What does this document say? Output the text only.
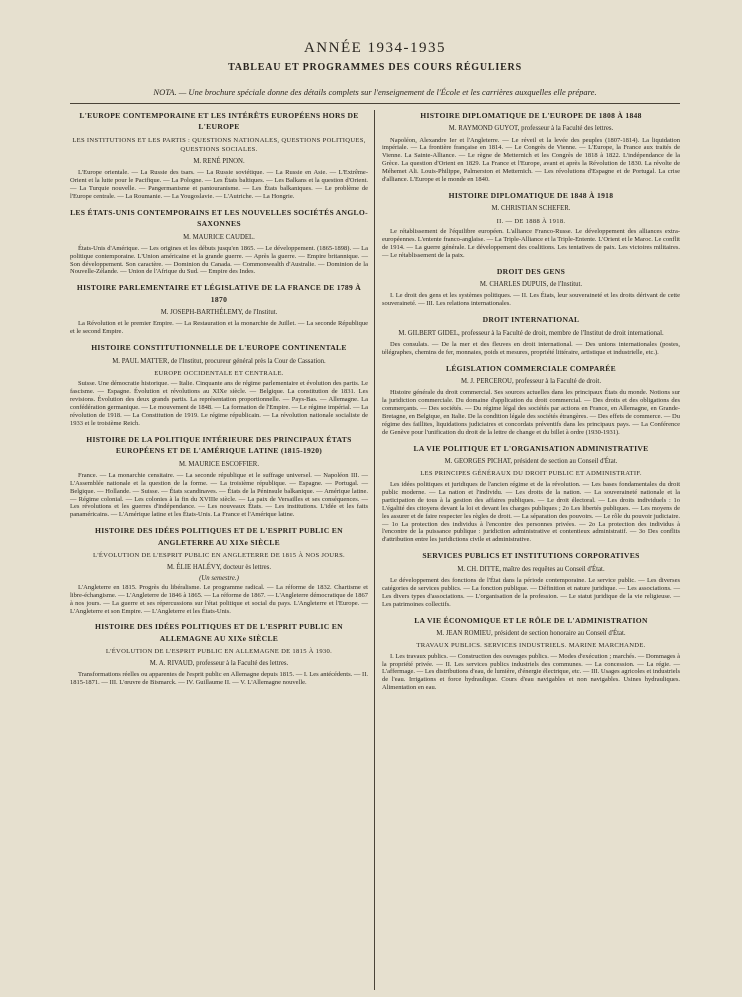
ANNÉE 1934-1935
TABLEAU ET PROGRAMMES DES COURS RÉGULIERS
NOTA. — Une brochure spéciale donne des détails complets sur l'enseignement de l'École et les carrières auxquelles elle prépare.
L'EUROPE CONTEMPORAINE ET LES INTÉRÊTS EUROPÉENS HORS DE L'EUROPE
LES INSTITUTIONS ET LES PARTIS : QUESTIONS NATIONALES, QUESTIONS POLITIQUES, QUESTIONS SOCIALES.
M. RENÉ PINON.
L'Europe orientale. — La Russie des tsars. — La Russie soviétique. — La Russie en Asie. — L'Extrême-Orient et la lutte pour le Pacifique. — La Pologne. — Les États baltiques. — Les Balkans et la question d'Orient. — La Turquie nouvelle. — Pangermanisme et pantouranisme. — Les États balkaniques. — Le problème de l'Europe centrale. — La Roumanie. — La Yougoslavie. — L'Autriche. — La Hongrie.
LES ÉTATS-UNIS CONTEMPORAINS ET LES NOUVELLES SOCIÉTÉS ANGLO-SAXONNES
M. MAURICE CAUDEL.
États-Unis d'Amérique. — Les origines et les débuts jusqu'en 1865. — Le développement. (1865-1898). — La politique contemporaine. L'Union américaine et la grande guerre. — Après la guerre. — Empire britannique. — Son développement. Son caractère. — Dominion du Canada. — Commonwealth d'Australie. — Dominion de la Nouvelle-Zélande. — Union de l'Afrique du Sud. — Empire des Indes.
HISTOIRE PARLEMENTAIRE ET LÉGISLATIVE DE LA FRANCE DE 1789 À 1870
M. JOSEPH-BARTHÉLEMY, de l'Institut.
La Révolution et le premier Empire. — La Restauration et la monarchie de Juillet. — La seconde République et le second Empire.
HISTOIRE CONSTITUTIONNELLE DE L'EUROPE CONTINENTALE
M. PAUL MATTER, de l'Institut, procureur général près la Cour de Cassation.
EUROPE OCCIDENTALE ET CENTRALE.
Suisse. Une démocratie historique. — Italie. Cinquante ans de régime parlementaire et évolution des partis. Le fascisme. — Espagne. Évolution et révolutions au XIXe siècle. — Belgique. La constitution de 1831. Les revisions. Évolution des deux grands partis. La représentation proportionnelle. — Pays-Bas. — Allemagne. La confédération germanique. — Le mouvement de 1848. — La formation de l'Empire. — Le régime impérial. — La révolution de 1918. — La Constitution de 1919. Le régime républicain. — La révolution nationale socialiste de 1933 et le troisième Reich.
HISTOIRE DE LA POLITIQUE INTÉRIEURE DES PRINCIPAUX ÉTATS EUROPÉENS ET DE L'AMÉRIQUE LATINE (1815-1920)
M. MAURICE ESCOFFIER.
France. — La monarchie censitaire. — La seconde république et le suffrage universel. — Napoléon III. — L'Assemblée nationale et la question de la forme. — La troisième république. — Espagne. — Portugal. — Belgique. — Hollande. — Suisse. — États scandinaves. — États de la Péninsule balkanique. — Amérique latine. — Régime colonial. — Les colonies à la fin du XVIIIe siècle. — La paix de Versailles et ses conséquences. — Les révolutions et les guerres d'indépendance. — Les nouveaux États. — Les institutions. L'idée et les faits panaméricains. — L'Amérique latine et les États-Unis. La France et l'Amérique latine.
HISTOIRE DES IDÉES POLITIQUES ET DE L'ESPRIT PUBLIC EN ANGLETERRE AU XIXe SIÈCLE
L'ÉVOLUTION DE L'ESPRIT PUBLIC EN ANGLETERRE DE 1815 À NOS JOURS.
M. ÉLIE HALÉVY, docteur ès lettres.
(Un semestre.)
L'Angleterre en 1815. Progrès du libéralisme. Le programme radical. — La réforme de 1832. Chartisme et libre-échangisme. — L'Angleterre de 1846 à 1865. — La réforme de 1867. — L'Angleterre démocratique de 1867 à nos jours. — La guerre et ses répercussions sur l'état politique et social du pays. L'Angleterre et l'Europe. — L'Angleterre et son Empire. — L'Angleterre et les États-Unis.
HISTOIRE DES IDÉES POLITIQUES ET DE L'ESPRIT PUBLIC EN ALLEMAGNE AU XIXe SIÈCLE
L'ÉVOLUTION DE L'ESPRIT PUBLIC EN ALLEMAGNE DE 1815 À 1930.
M. A. RIVAUD, professeur à la Faculté des lettres.
Transformations réelles ou apparentes de l'esprit public en Allemagne depuis 1815. — I. Les antécédents. — II. 1815-1871. — III. L'œuvre de Bismarck. — IV. Guillaume II. — V. L'Allemagne nouvelle.
HISTOIRE DIPLOMATIQUE DE L'EUROPE DE 1808 À 1848
M. RAYMOND GUYOT, professeur à la Faculté des lettres.
Napoléon, Alexandre Ier et l'Angleterre. — Le réveil et la levée des peuples (1807-1814). La liquidation impériale. — La frontière française en 1814. — Le Congrès de Vienne. — L'Europe, la France aux traités de Vienne. La Sainte-Alliance. — Le règne de Metternich et les Congrès de 1818 à 1822. L'indépendance de la Grèce. La question d'Orient en 1829. La France et l'Europe, avant et après la Révolution de 1830. La révolte de Méhemet Ali. Louis-Philippe, Palmerston et Metternich. — Les révolutions d'Espagne et de Portugal. La crise d'alliance. L'Europe et le monde en 1840.
HISTOIRE DIPLOMATIQUE DE 1848 À 1918
M. CHRISTIAN SCHEFER.
II. — DE 1888 À 1918.
Le rétablissement de l'équilibre européen. L'alliance Franco-Russe. Le développement des alliances extra-européennes. L'entente franco-anglaise. — La Triple-Alliance et la Triple-Entente. L'Orient et le Maroc. Le conflit de 1914. — La guerre générale. Le développement des coalitions. Les tentatives de paix. Les victoires militaires. — Le rétablissement de la paix.
DROIT DES GENS
M. CHARLES DUPUIS, de l'Institut.
I. Le droit des gens et les systèmes politiques. — II. Les États, leur souveraineté et les droits dérivant de cette souveraineté. — III. Les relations internationales.
DROIT INTERNATIONAL
M. GILBERT GIDEL, professeur à la Faculté de droit, membre de l'Institut de droit international.
Des consulats. — De la mer et des fleuves en droit international. — Des unions internationales (postes, télégraphes, chemins de fer, monnaies, poids et mesures, propriété littéraire, artistique et industrielle, etc.).
LÉGISLATION COMMERCIALE COMPARÉE
M. J. PERCEROU, professeur à la Faculté de droit.
Histoire générale du droit commercial. Ses sources actuelles dans les principaux États du monde. Notions sur la juridiction commerciale. Du domaine d'application du droit commercial. — Des droits et des obligations des commerçants. — Des sociétés. — Du régime légal des sociétés par actions en France, en Allemagne, en Grande-Bretagne, en Belgique, en Italie. De la condition légale des sociétés étrangères. — Des effets de commerce. — Du régime des faillites, liquidations judiciaires et concordats préventifs dans les principaux pays. — La Conférence de Genève pour l'unification du droit de la lettre de change et du billet à ordre (1930-1931).
LA VIE POLITIQUE ET L'ORGANISATION ADMINISTRATIVE
M. GEORGES PICHAT, président de section au Conseil d'État.
LES PRINCIPES GÉNÉRAUX DU DROIT PUBLIC ET ADMINISTRATIF.
Les idées politiques et juridiques de l'ancien régime et de la révolution. — Les bases fondamentales du droit public moderne. — La nation et l'individu. — Les droits de la nation. — La souveraineté nationale et la participation de tous à la gestion des affaires publiques. — Le droit électoral. — Les droits individuels : 1o L'égalité des citoyens devant la loi et devant les charges publiques ; 2o Les libertés publiques. — Les moyens de les assurer et de faire respecter les règles de droit. — La séparation des pouvoirs. — Le rôle du pouvoir judiciaire. — 1o La protection des individus à l'encontre des personnes privées. — 2o La protection des individus à l'encontre de la puissance publique : juridiction administrative et contentieux administratif. — 3o Des conflits d'attribution entre les juridictions civile et administrative.
SERVICES PUBLICS ET INSTITUTIONS CORPORATIVES
M. CH. DITTE, maître des requêtes au Conseil d'État.
Le développement des fonctions de l'État dans la période contemporaine. Le service public. — Les diverses catégories de services publics. — La fonction publique. — Définition et nature juridique. — Les associations. — Les divers types d'associations. — L'organisation de la profession. — Le statut juridique de la vie religieuse. — Les patrimoines collectifs.
LA VIE ÉCONOMIQUE ET LE RÔLE DE L'ADMINISTRATION
M. JEAN ROMIEU, président de section honoraire au Conseil d'État.
TRAVAUX PUBLICS. SERVICES INDUSTRIELS. MARINE MARCHANDE.
I. Les travaux publics. — Construction des ouvrages publics. — Modes d'exécution ; marchés. — Dommages à la propriété privée. — II. Les services publics industriels des communes. — La concession. — La régie. — L'affermage. — Les distributions d'eau, de lumière, d'énergie électrique, etc. — III. Usages agricoles et industriels de l'eau. Irrigations et force hydraulique. Cours d'eau navigables et non navigables. Usines hydrauliques. Alimentation en eau.
